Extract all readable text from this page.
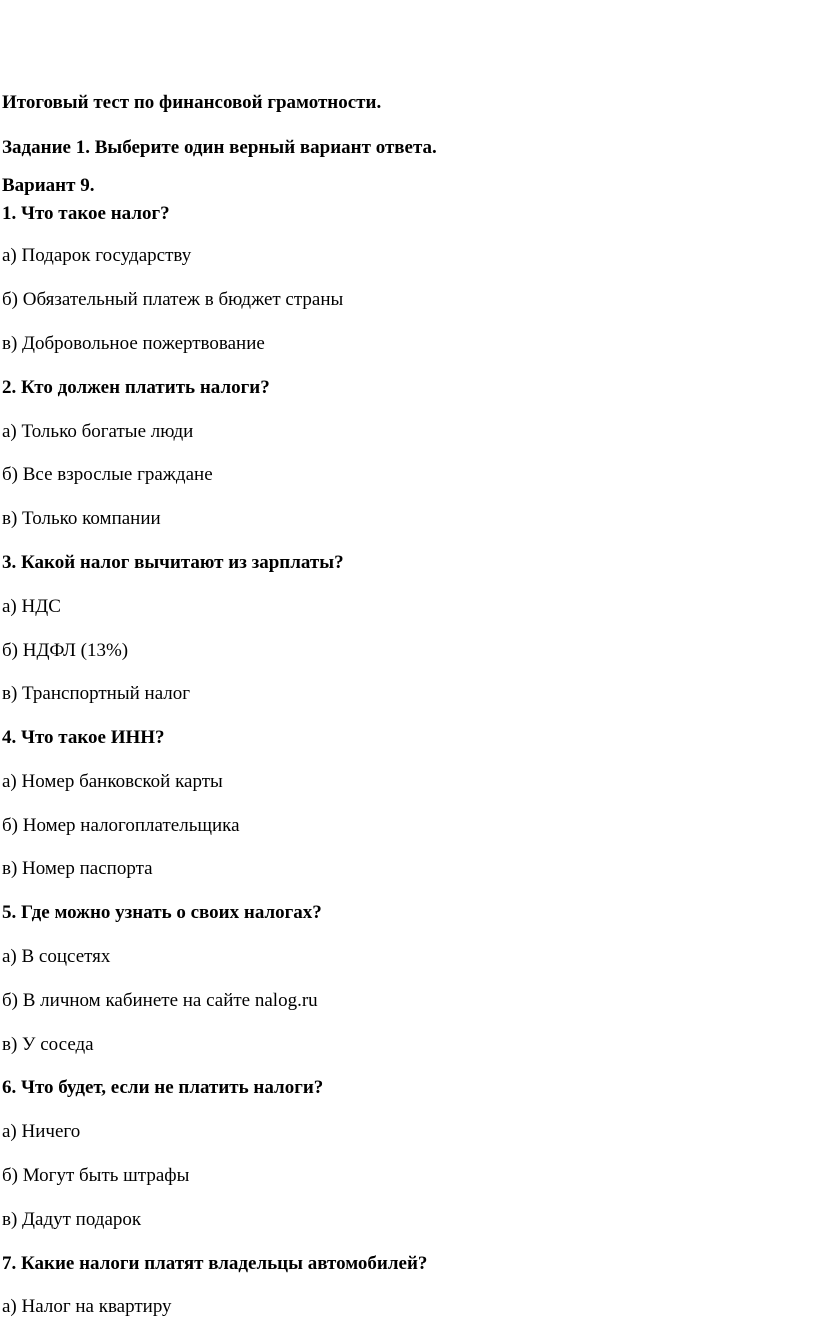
Итоговый тест по финансовой грамотности.

Задание 1. Выберите один верный вариант ответа.

Вариант 9.

1. Что такое налог?

а) Подарок государству

б) Обязательный платеж в бюджет страны

в) Добровольное пожертвование

2. Кто должен платить налоги?

а) Только богатые люди

б) Все взрослые граждане

в) Только компании

3. Какой налог вычитают из зарплаты?

а) НДС

б) НДФЛ (13%)

в) Транспортный налог

4. Что такое ИНН?

а) Номер банковской карты

б) Номер налогоплательщика

в) Номер паспорта

5. Где можно узнать о своих налогах?

а) В соцсетях

б) В личном кабинете на сайте nalog.ru

в) У соседа

6. Что будет, если не платить налоги?

а) Ничего

б) Могут быть штрафы

в) Дадут подарок

7. Какие налоги платят владельцы автомобилей?

а) Налог на квартиру
